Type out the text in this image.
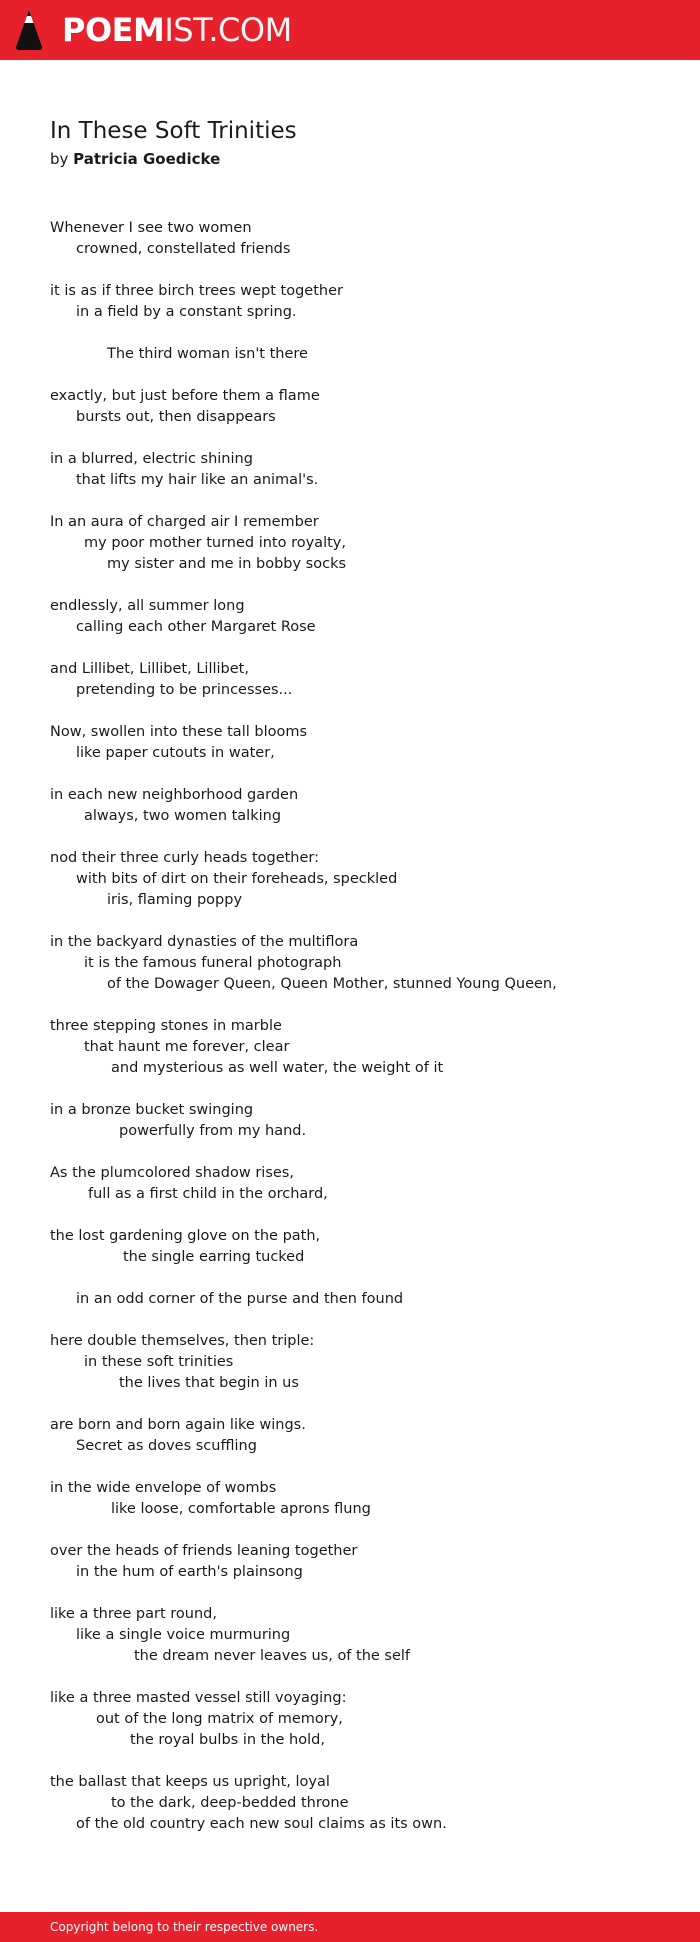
POEMIST.COM
In These Soft Trinities
by Patricia Goedicke
Whenever I see two women
crowned, constellated friends
it is as if three birch trees wept together
in a field by a constant spring.
The third woman isn't there
exactly, but just before them a flame
bursts out, then disappears
in a blurred, electric shining
that lifts my hair like an animal's.
In an aura of charged air I remember
my poor mother turned into royalty,
my sister and me in bobby socks
endlessly, all summer long
calling each other Margaret Rose
and Lillibet, Lillibet, Lillibet,
pretending to be princesses...
Now, swollen into these tall blooms
like paper cutouts in water,
in each new neighborhood garden
always, two women talking
nod their three curly heads together:
with bits of dirt on their foreheads, speckled
iris, flaming poppy
in the backyard dynasties of the multiflora
it is the famous funeral photograph
of the Dowager Queen, Queen Mother, stunned Young Queen,
three stepping stones in marble
that haunt me forever, clear
and mysterious as well water, the weight of it
in a bronze bucket swinging
powerfully from my hand.
As the plumcolored shadow rises,
full as a first child in the orchard,
the lost gardening glove on the path,
the single earring tucked
in an odd corner of the purse and then found
here double themselves, then triple:
in these soft trinities
the lives that begin in us
are born and born again like wings.
Secret as doves scuffling
in the wide envelope of wombs
like loose, comfortable aprons flung
over the heads of friends leaning together
in the hum of earth's plainsong
like a three part round,
like a single voice murmuring
the dream never leaves us, of the self
like a three masted vessel still voyaging:
out of the long matrix of memory,
the royal bulbs in the hold,
the ballast that keeps us upright, loyal
to the dark, deep-bedded throne
of the old country each new soul claims as its own.
Copyright belong to their respective owners.
